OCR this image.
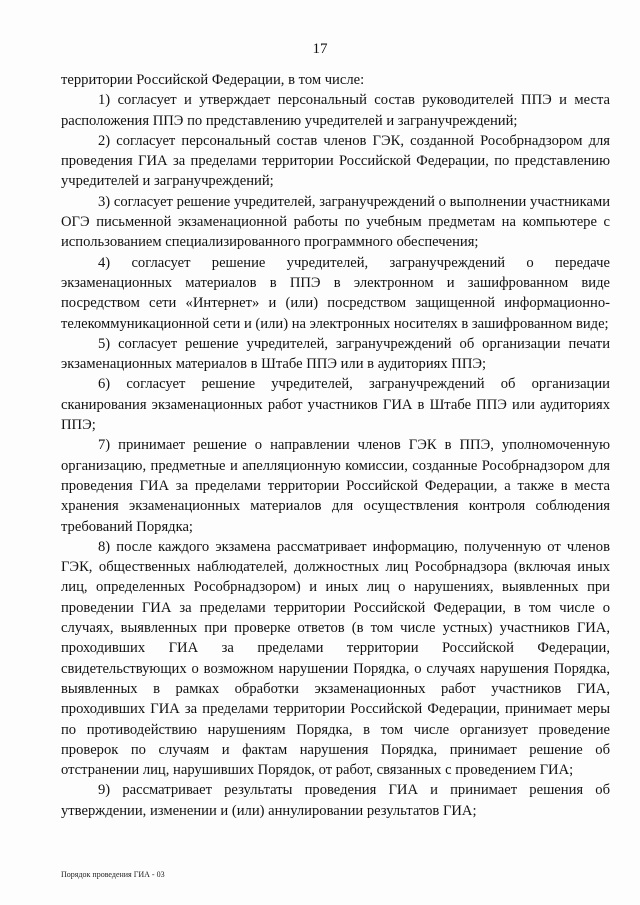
17

территории Российской Федерации, в том числе:

1) согласует и утверждает персональный состав руководителей ППЭ и места расположения ППЭ по представлению учредителей и загранучреждений;

2) согласует персональный состав членов ГЭК, созданной Рособрнадзором для проведения ГИА за пределами территории Российской Федерации, по представлению учредителей и загранучреждений;

3) согласует решение учредителей, загранучреждений о выполнении участниками ОГЭ письменной экзаменационной работы по учебным предметам на компьютере с использованием специализированного программного обеспечения;

4) согласует решение учредителей, загранучреждений о передаче экзаменационных материалов в ППЭ в электронном и зашифрованном виде посредством сети «Интернет» и (или) посредством защищенной информационно-телекоммуникационной сети и (или) на электронных носителях в зашифрованном виде;

5) согласует решение учредителей, загранучреждений об организации печати экзаменационных материалов в Штабе ППЭ или в аудиториях ППЭ;

6) согласует решение учредителей, загранучреждений об организации сканирования экзаменационных работ участников ГИА в Штабе ППЭ или аудиториях ППЭ;

7) принимает решение о направлении членов ГЭК в ППЭ, уполномоченную организацию, предметные и апелляционную комиссии, созданные Рособрнадзором для проведения ГИА за пределами территории Российской Федерации, а также в места хранения экзаменационных материалов для осуществления контроля соблюдения требований Порядка;

8) после каждого экзамена рассматривает информацию, полученную от членов ГЭК, общественных наблюдателей, должностных лиц Рособрнадзора (включая иных лиц, определенных Рособрнадзором) и иных лиц о нарушениях, выявленных при проведении ГИА за пределами территории Российской Федерации, в том числе о случаях, выявленных при проверке ответов (в том числе устных) участников ГИА, проходивших ГИА за пределами территории Российской Федерации, свидетельствующих о возможном нарушении Порядка, о случаях нарушения Порядка, выявленных в рамках обработки экзаменационных работ участников ГИА, проходивших ГИА за пределами территории Российской Федерации, принимает меры по противодействию нарушениям Порядка, в том числе организует проведение проверок по случаям и фактам нарушения Порядка, принимает решение об отстранении лиц, нарушивших Порядок, от работ, связанных с проведением ГИА;

9) рассматривает результаты проведения ГИА и принимает решения об утверждении, изменении и (или) аннулировании результатов ГИА;

Порядок проведения ГИА - 03
